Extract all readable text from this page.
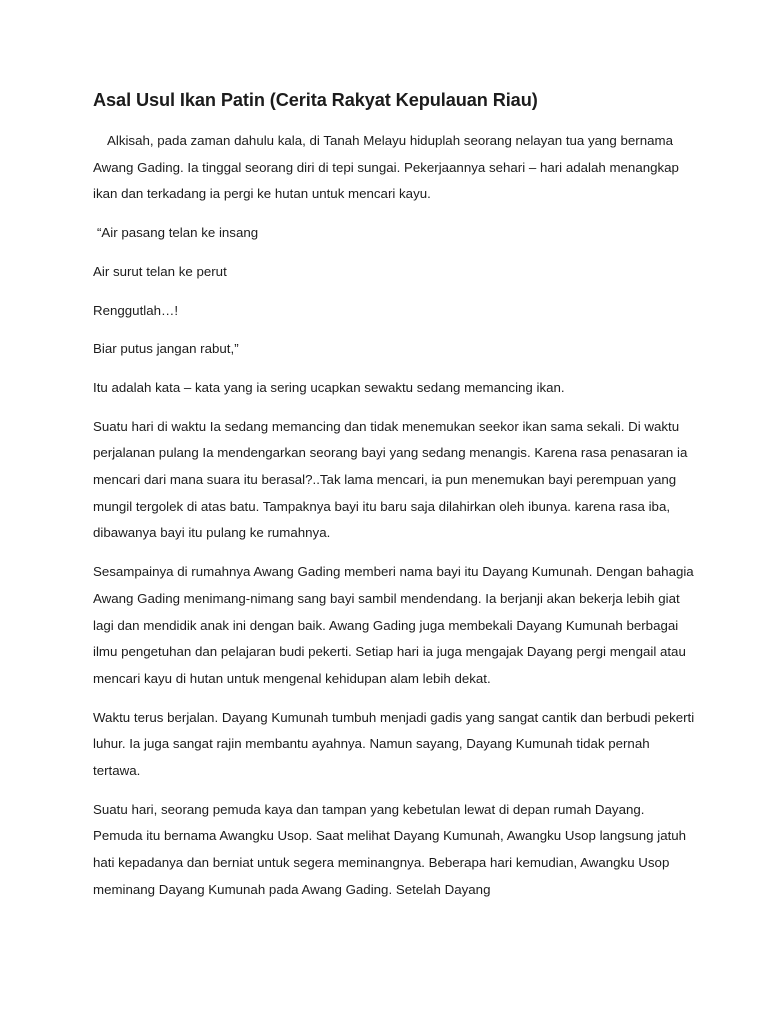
Asal Usul Ikan Patin (Cerita Rakyat Kepulauan Riau)

Alkisah, pada zaman dahulu kala, di Tanah Melayu hiduplah seorang nelayan tua yang bernama Awang Gading. Ia tinggal seorang diri di tepi sungai. Pekerjaannya sehari – hari adalah menangkap ikan dan terkadang ia pergi ke hutan untuk mencari kayu.

“Air pasang telan ke insang

Air surut telan ke perut

Renggutlah…!

Biar putus jangan rabut,”

Itu adalah kata – kata yang ia sering ucapkan sewaktu sedang memancing ikan.

Suatu hari di waktu Ia sedang memancing dan tidak menemukan seekor ikan sama sekali. Di waktu perjalanan pulang Ia mendengarkan seorang bayi yang sedang menangis. Karena rasa penasaran ia mencari dari mana suara itu berasal?..Tak lama mencari, ia pun menemukan bayi perempuan yang mungil tergolek di atas batu. Tampaknya bayi itu baru saja dilahirkan oleh ibunya. karena rasa iba, dibawanya bayi itu pulang ke rumahnya.

Sesampainya di rumahnya Awang Gading memberi nama bayi itu Dayang Kumunah. Dengan bahagia Awang Gading menimang-nimang sang bayi sambil mendendang. Ia berjanji akan bekerja lebih giat lagi dan mendidik anak ini dengan baik. Awang Gading juga membekali Dayang Kumunah berbagai ilmu pengetuhan dan pelajaran budi pekerti. Setiap hari ia juga mengajak Dayang pergi mengail atau mencari kayu di hutan untuk mengenal kehidupan alam lebih dekat.

Waktu terus berjalan. Dayang Kumunah tumbuh menjadi gadis yang sangat cantik dan berbudi pekerti luhur. Ia juga sangat rajin membantu ayahnya. Namun sayang, Dayang Kumunah tidak pernah tertawa.

Suatu hari, seorang pemuda kaya dan tampan yang kebetulan lewat di depan rumah Dayang. Pemuda itu bernama Awangku Usop. Saat melihat Dayang Kumunah, Awangku Usop langsung jatuh hati kepadanya dan berniat untuk segera meminangnya. Beberapa hari kemudian, Awangku Usop meminang Dayang Kumunah pada Awang Gading. Setelah Dayang
